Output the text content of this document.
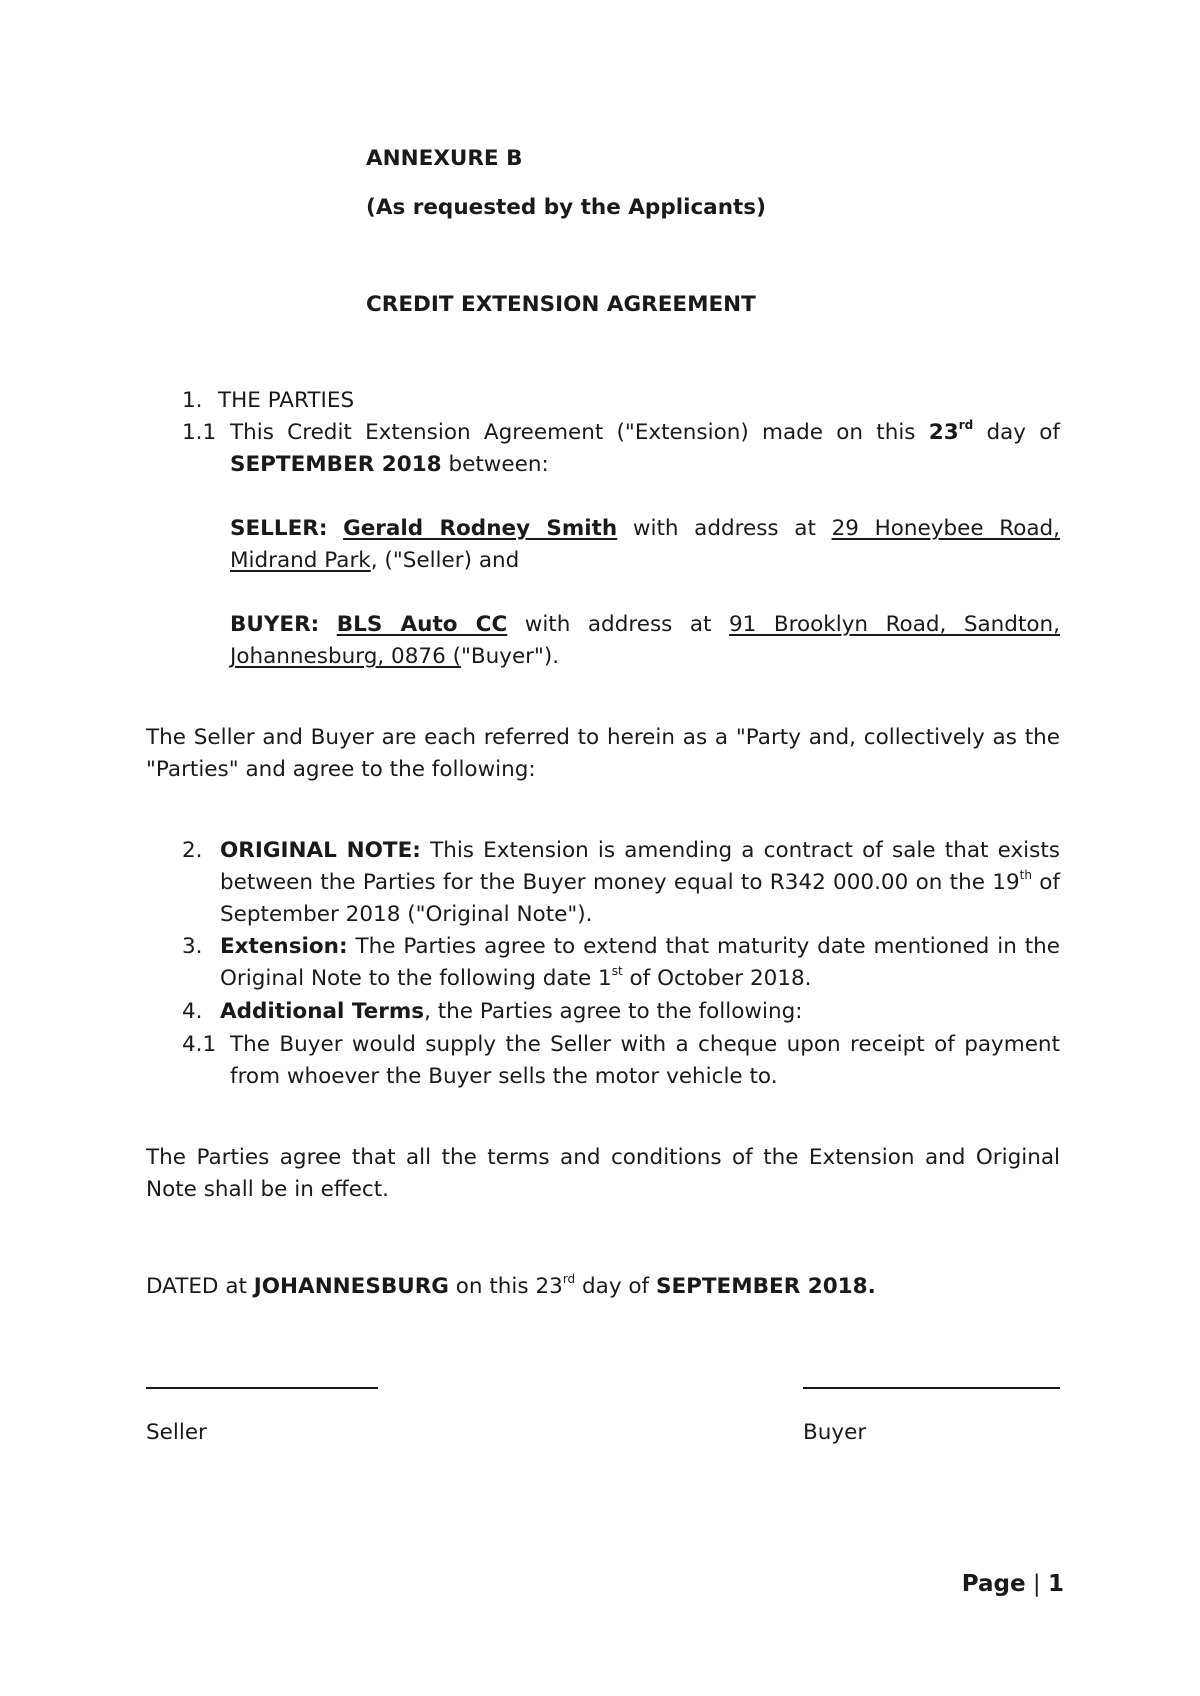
ANNEXURE B

(As requested by the Applicants)

CREDIT EXTENSION AGREEMENT

1. THE PARTIES
1.1 This Credit Extension Agreement ("Extension) made on this 23rd day of SEPTEMBER 2018 between:

SELLER: Gerald Rodney Smith with address at 29 Honeybee Road, Midrand Park, ("Seller) and

BUYER: BLS Auto CC with address at 91 Brooklyn Road, Sandton, Johannesburg, 0876 ("Buyer").

The Seller and Buyer are each referred to herein as a "Party and, collectively as the "Parties" and agree to the following:

2. ORIGINAL NOTE: This Extension is amending a contract of sale that exists between the Parties for the Buyer money equal to R342 000.00 on the 19th of September 2018 ("Original Note").

3. Extension: The Parties agree to extend that maturity date mentioned in the Original Note to the following date 1st of October 2018.

4. Additional Terms, the Parties agree to the following:

4.1 The Buyer would supply the Seller with a cheque upon receipt of payment from whoever the Buyer sells the motor vehicle to.

The Parties agree that all the terms and conditions of the Extension and Original Note shall be in effect.

DATED at JOHANNESBURG on this 23rd day of SEPTEMBER 2018.

Seller	Buyer

Page | 1
